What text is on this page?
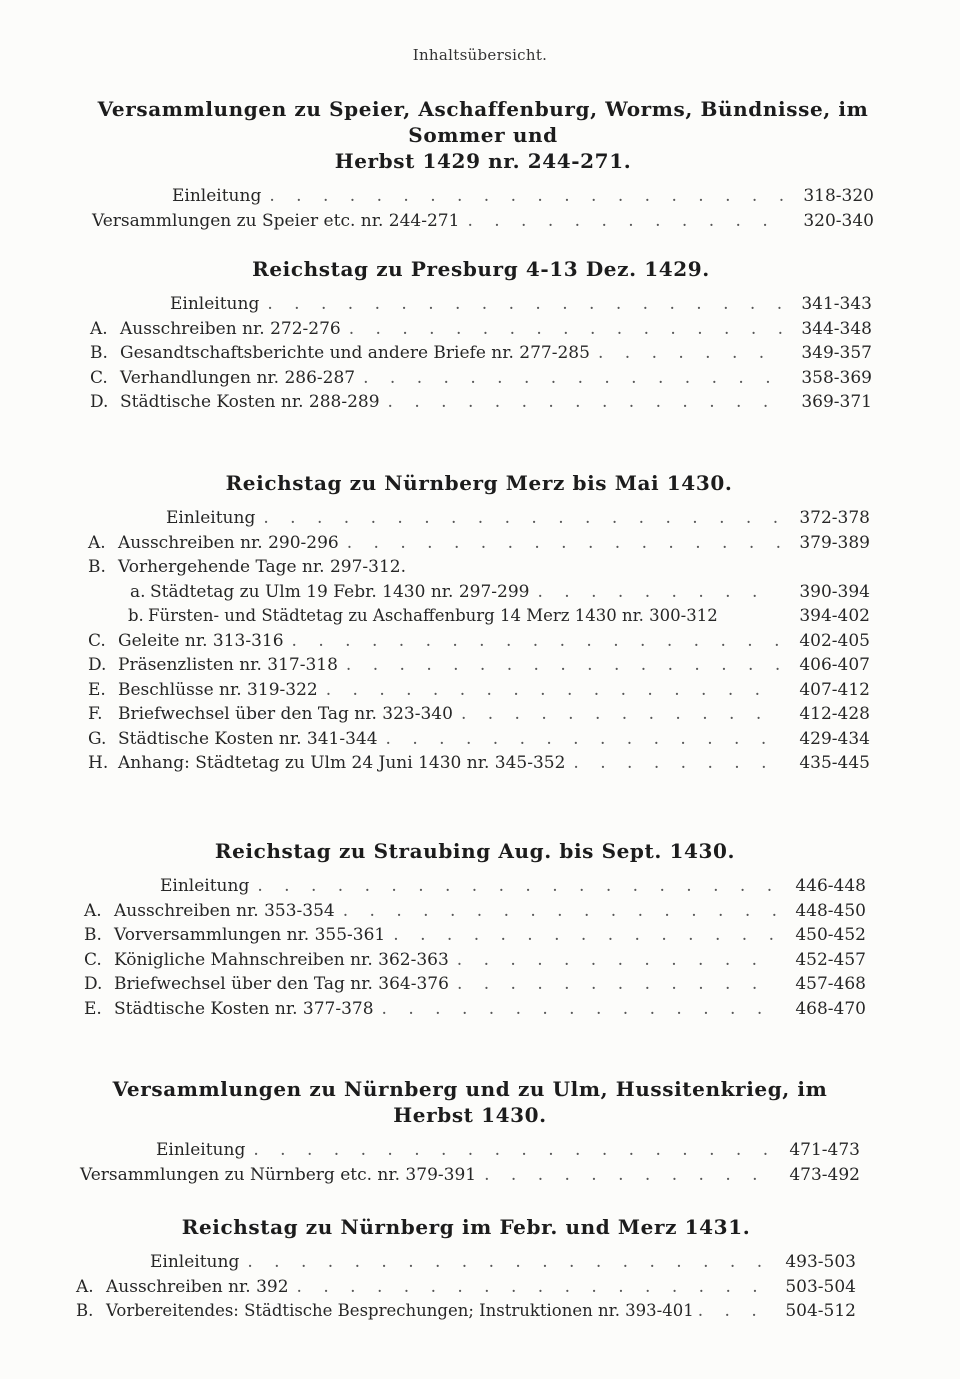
Inhaltsübersicht.
Versammlungen zu Speier, Aschaffenburg, Worms, Bündnisse, im Sommer und
Herbst 1429 nr. 244-271.
Einleitung . . .	318-320
Versammlungen zu Speier etc. nr. 244-271 . . .	320-340
Reichstag zu Presburg 4-13 Dez. 1429.
Einleitung . . .	341-343
A. Ausschreiben nr. 272-276 . . .	344-348
B. Gesandtschaftsberichte und andere Briefe nr. 277-285 . . .	349-357
C. Verhandlungen nr. 286-287 . . .	358-369
D. Städtische Kosten nr. 288-289 . . .	369-371
Reichstag zu Nürnberg Merz bis Mai 1430.
Einleitung . . .	372-378
A. Ausschreiben nr. 290-296 . . .	379-389
B. Vorhergehende Tage nr. 297-312.
a. Städtetag zu Ulm 19 Febr. 1430 nr. 297-299 . . .	390-394
b. Fürsten- und Städtetag zu Aschaffenburg 14 Merz 1430 nr. 300-312	394-402
C. Geleite nr. 313-316 . . .	402-405
D. Präsenzlisten nr. 317-318 . . .	406-407
E. Beschlüsse nr. 319-322 . . .	407-412
F. Briefwechsel über den Tag nr. 323-340 . . .	412-428
G. Städtische Kosten nr. 341-344 . . .	429-434
H. Anhang: Städtetag zu Ulm 24 Juni 1430 nr. 345-352 . . .	435-445
Reichstag zu Straubing Aug. bis Sept. 1430.
Einleitung . . .	446-448
A. Ausschreiben nr. 353-354 . . .	448-450
B. Vorversammlungen nr. 355-361 . . .	450-452
C. Königliche Mahnschreiben nr. 362-363 . . .	452-457
D. Briefwechsel über den Tag nr. 364-376 . . .	457-468
E. Städtische Kosten nr. 377-378 . . .	468-470
Versammlungen zu Nürnberg und zu Ulm, Hussitenkrieg, im Herbst 1430.
Einleitung . . .	471-473
Versammlungen zu Nürnberg etc. nr. 379-391 . . .	473-492
Reichstag zu Nürnberg im Febr. und Merz 1431.
Einleitung . . .	493-503
A. Ausschreiben nr. 392 . . .	503-504
B. Vorbereitendes: Städtische Besprechungen; Instruktionen nr. 393-401 . . .	504-512
